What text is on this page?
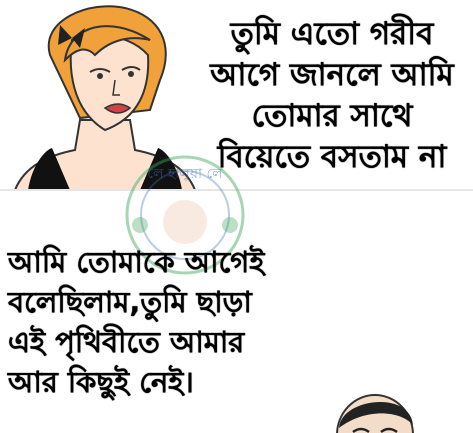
তুমি এতো গরীব
আগে জানলে আমি
তোমার সাথে
বিয়েতে বসতাম না

লে হালুয়া লে

আমি তোমাকে আগেই
বলেছিলাম,তুমি ছাড়া
এই পৃথিবীতে আমার
আর কিছুই নেই।
